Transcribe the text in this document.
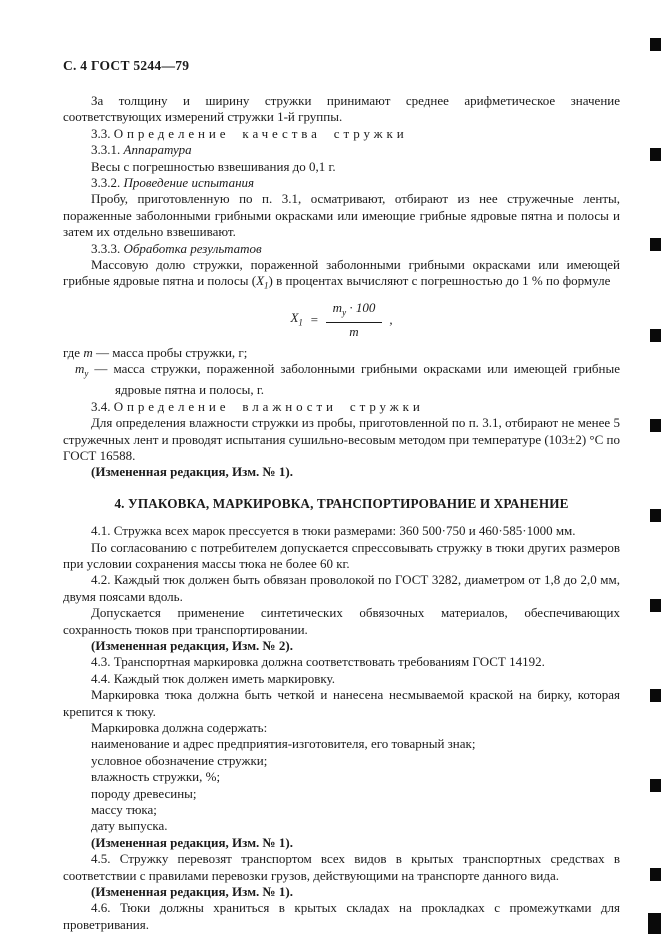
С. 4 ГОСТ 5244—79

За толщину и ширину стружки принимают среднее арифметическое значение соответствующих измерений стружки 1-й группы.

3.3. Определение качества стружки

3.3.1. Аппаратура

Весы с погрешностью взвешивания до 0,1 г.

3.3.2. Проведение испытания

Пробу, приготовленную по п. 3.1, осматривают, отбирают из нее стружечные ленты, пораженные заболонными грибными окрасками или имеющие грибные ядровые пятна и полосы и затем их отдельно взвешивают.

3.3.3. Обработка результатов

Массовую долю стружки, пораженной заболонными грибными окрасками или имеющей грибные ядровые пятна и полосы $(X_1)$ в процентах вычисляют с погрешностью до 1 % по формуле

$X_1 = \frac{m_у \cdot 100}{m}$ ,

где m — масса пробы стружки, г;

$m_у$ — масса стружки, пораженной заболонными грибными окрасками или имеющей грибные ядровые пятна и полосы, г.

3.4. Определение влажности стружки

Для определения влажности стружки из пробы, приготовленной по п. 3.1, отбирают не менее 5 стружечных лент и проводят испытания сушильно-весовым методом при температуре (103±2) °С по ГОСТ 16588.

(Измененная редакция, Изм. № 1).

4. УПАКОВКА, МАРКИРОВКА, ТРАНСПОРТИРОВАНИЕ И ХРАНЕНИЕ

4.1. Стружка всех марок прессуется в тюки размерами: 360 500·750 и 460·585·1000 мм.

По согласованию с потребителем допускается спрессовывать стружку в тюки других размеров при условии сохранения массы тюка не более 60 кг.

4.2. Каждый тюк должен быть обвязан проволокой по ГОСТ 3282, диаметром от 1,8 до 2,0 мм, двумя поясами вдоль.

Допускается применение синтетических обвязочных материалов, обеспечивающих сохранность тюков при транспортировании.

(Измененная редакция, Изм. № 2).

4.3. Транспортная маркировка должна соответствовать требованиям ГОСТ 14192.

4.4. Каждый тюк должен иметь маркировку.

Маркировка тюка должна быть четкой и нанесена несмываемой краской на бирку, которая крепится к тюку.

Маркировка должна содержать:

наименование и адрес предприятия-изготовителя, его товарный знак;

условное обозначение стружки;

влажность стружки, %;

породу древесины;

массу тюка;

дату выпуска.

(Измененная редакция, Изм. № 1).

4.5. Стружку перевозят транспортом всех видов в крытых транспортных средствах в соответствии с правилами перевозки грузов, действующими на транспорте данного вида.

(Измененная редакция, Изм. № 1).

4.6. Тюки должны храниться в крытых складах на прокладках с промежутками для проветривания.
